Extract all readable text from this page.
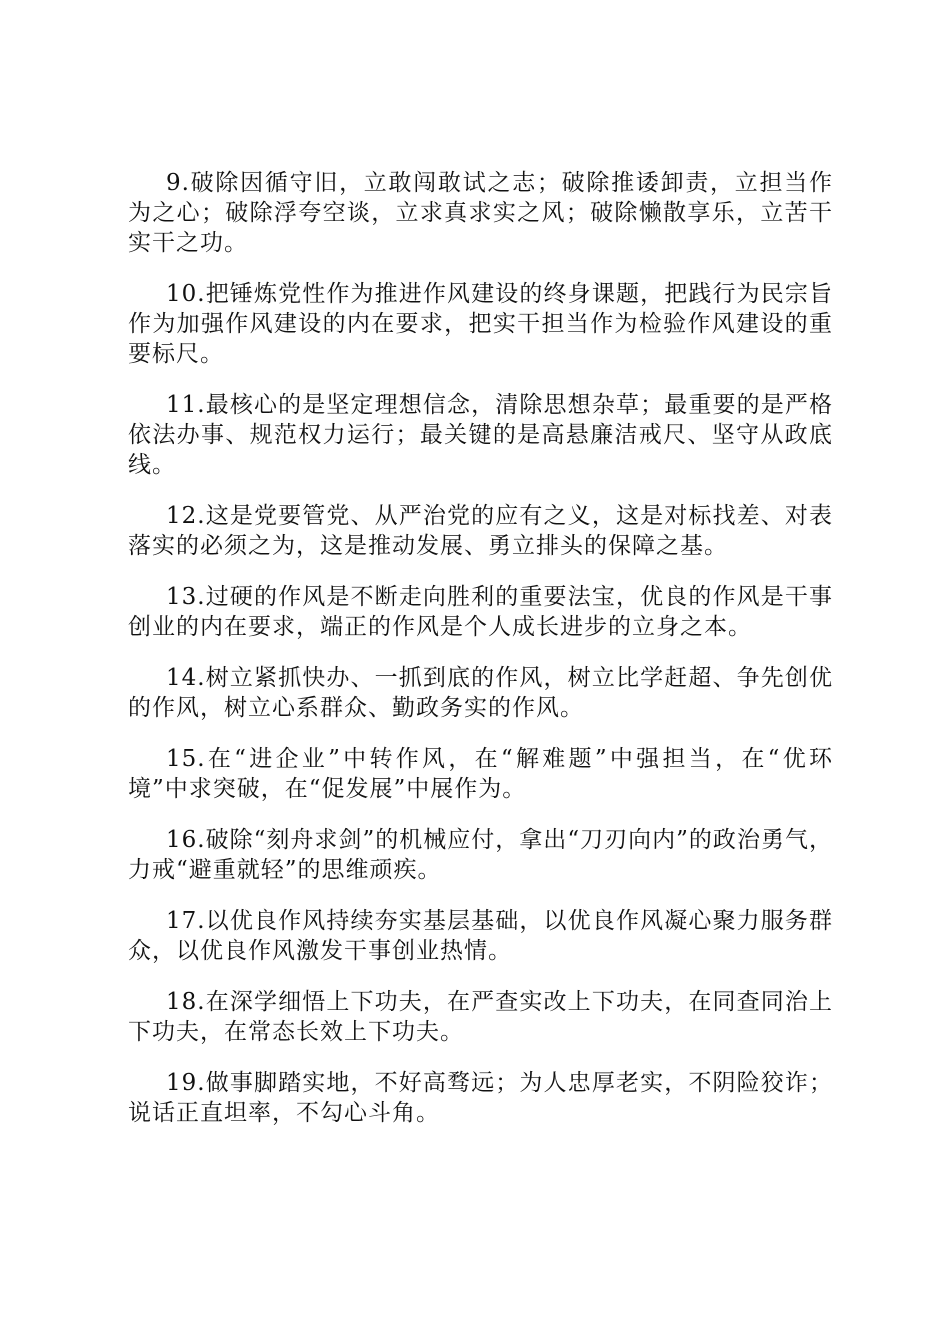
9.破除因循守旧，立敢闯敢试之志；破除推诿卸责，立担当作为之心；破除浮夸空谈，立求真求实之风；破除懒散享乐，立苦干实干之功。

10.把锤炼党性作为推进作风建设的终身课题，把践行为民宗旨作为加强作风建设的内在要求，把实干担当作为检验作风建设的重要标尺。

11.最核心的是坚定理想信念，清除思想杂草；最重要的是严格依法办事、规范权力运行；最关键的是高悬廉洁戒尺、坚守从政底线。

12.这是党要管党、从严治党的应有之义，这是对标找差、对表落实的必须之为，这是推动发展、勇立排头的保障之基。

13.过硬的作风是不断走向胜利的重要法宝，优良的作风是干事创业的内在要求，端正的作风是个人成长进步的立身之本。

14.树立紧抓快办、一抓到底的作风，树立比学赶超、争先创优的作风，树立心系群众、勤政务实的作风。

15.在“进企业”中转作风，在“解难题”中强担当，在“优环境”中求突破，在“促发展”中展作为。

16.破除“刻舟求剑”的机械应付，拿出“刀刃向内”的政治勇气，力戒“避重就轻”的思维顽疾。

17.以优良作风持续夯实基层基础，以优良作风凝心聚力服务群众，以优良作风激发干事创业热情。

18.在深学细悟上下功夫，在严查实改上下功夫，在同查同治上下功夫，在常态长效上下功夫。

19.做事脚踏实地，不好高骛远；为人忠厚老实，不阴险狡诈；说话正直坦率，不勾心斗角。
